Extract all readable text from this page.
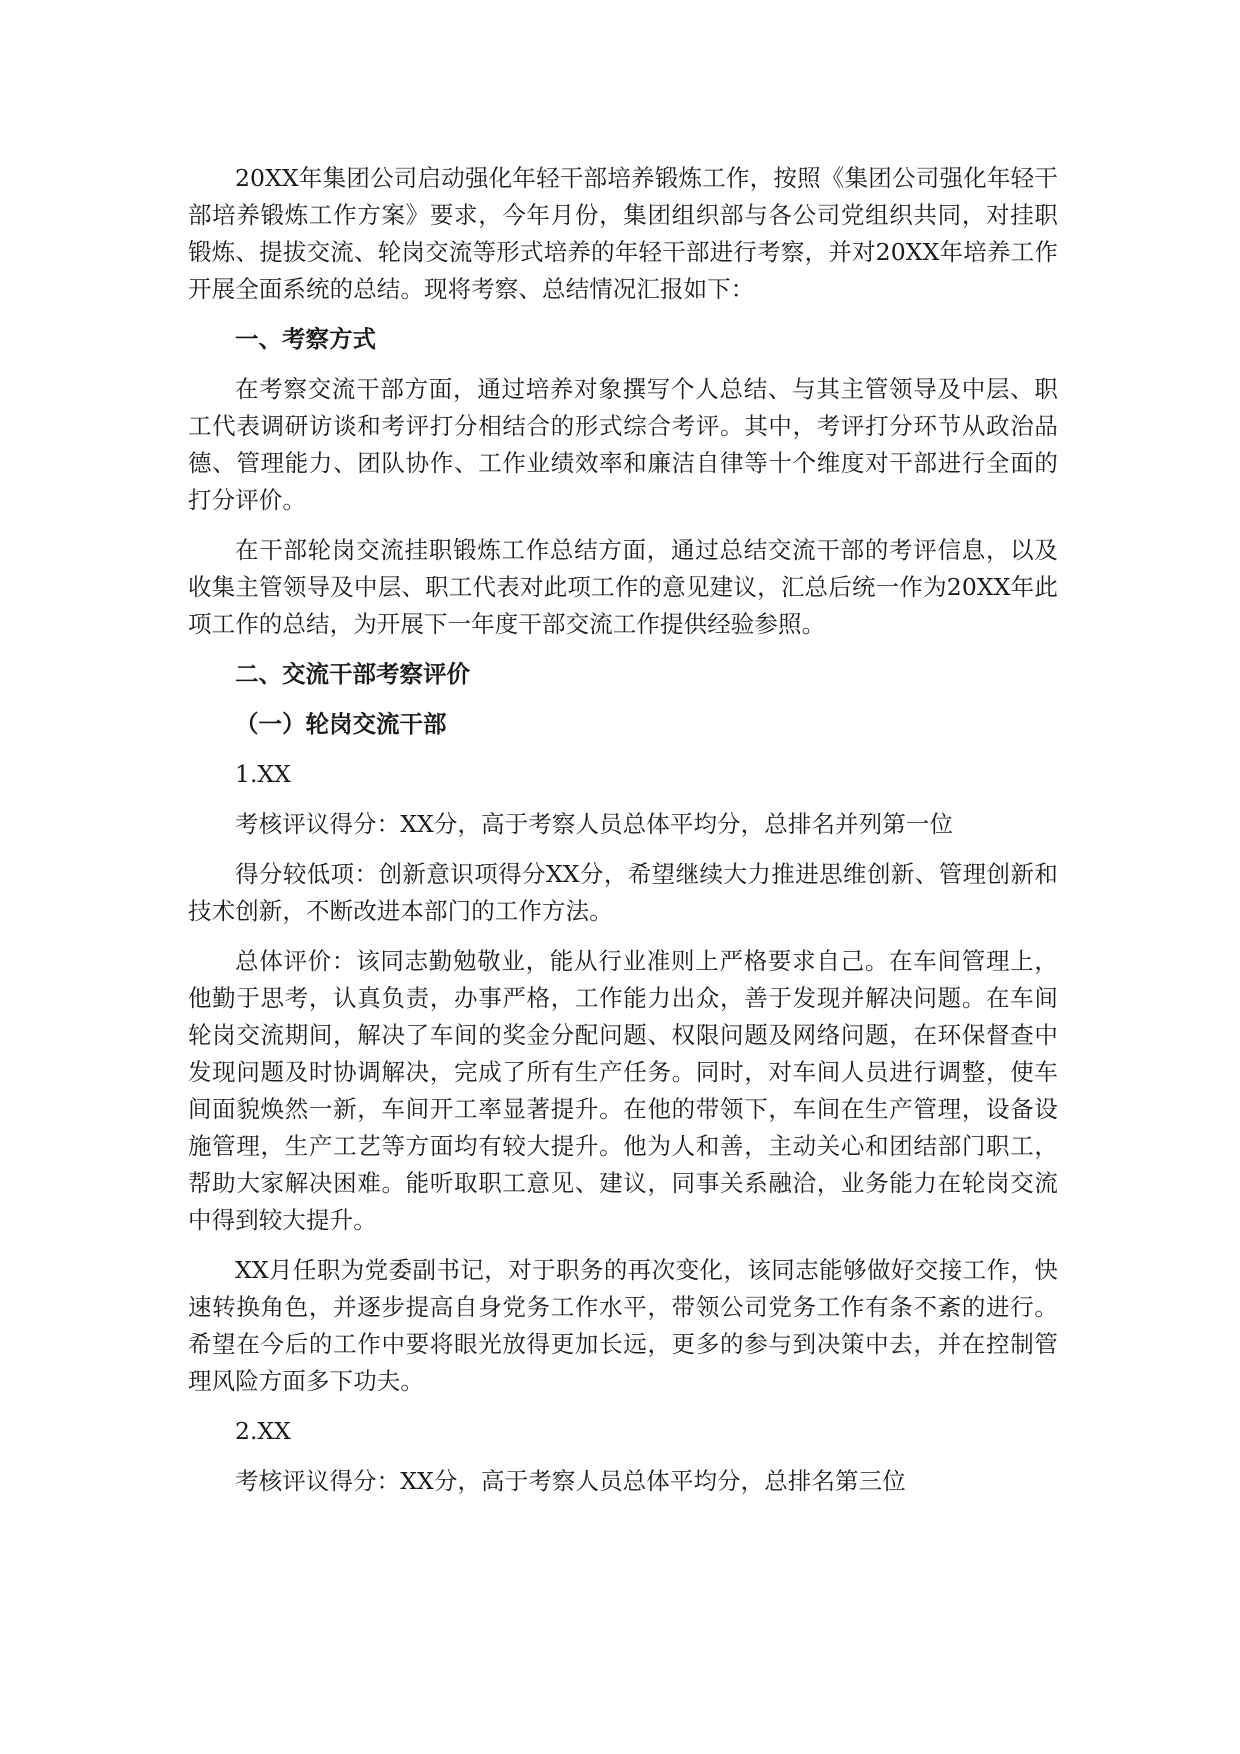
20XX年集团公司启动强化年轻干部培养锻炼工作，按照《集团公司强化年轻干部培养锻炼工作方案》要求，今年月份，集团组织部与各公司党组织共同，对挂职锻炼、提拔交流、轮岗交流等形式培养的年轻干部进行考察，并对20XX年培养工作开展全面系统的总结。现将考察、总结情况汇报如下：

一、考察方式

在考察交流干部方面，通过培养对象撰写个人总结、与其主管领导及中层、职工代表调研访谈和考评打分相结合的形式综合考评。其中，考评打分环节从政治品德、管理能力、团队协作、工作业绩效率和廉洁自律等十个维度对干部进行全面的打分评价。

在干部轮岗交流挂职锻炼工作总结方面，通过总结交流干部的考评信息，以及收集主管领导及中层、职工代表对此项工作的意见建议，汇总后统一作为20XX年此项工作的总结，为开展下一年度干部交流工作提供经验参照。

二、交流干部考察评价

（一）轮岗交流干部

1.XX

考核评议得分：XX分，高于考察人员总体平均分，总排名并列第一位

得分较低项：创新意识项得分XX分，希望继续大力推进思维创新、管理创新和技术创新，不断改进本部门的工作方法。

总体评价：该同志勤勉敬业，能从行业准则上严格要求自己。在车间管理上，他勤于思考，认真负责，办事严格，工作能力出众，善于发现并解决问题。在车间轮岗交流期间，解决了车间的奖金分配问题、权限问题及网络问题，在环保督查中发现问题及时协调解决，完成了所有生产任务。同时，对车间人员进行调整，使车间面貌焕然一新，车间开工率显著提升。在他的带领下，车间在生产管理，设备设施管理，生产工艺等方面均有较大提升。他为人和善，主动关心和团结部门职工，帮助大家解决困难。能听取职工意见、建议，同事关系融洽，业务能力在轮岗交流中得到较大提升。

XX月任职为党委副书记，对于职务的再次变化，该同志能够做好交接工作，快速转换角色，并逐步提高自身党务工作水平，带领公司党务工作有条不紊的进行。希望在今后的工作中要将眼光放得更加长远，更多的参与到决策中去，并在控制管理风险方面多下功夫。

2.XX

考核评议得分：XX分，高于考察人员总体平均分，总排名第三位
